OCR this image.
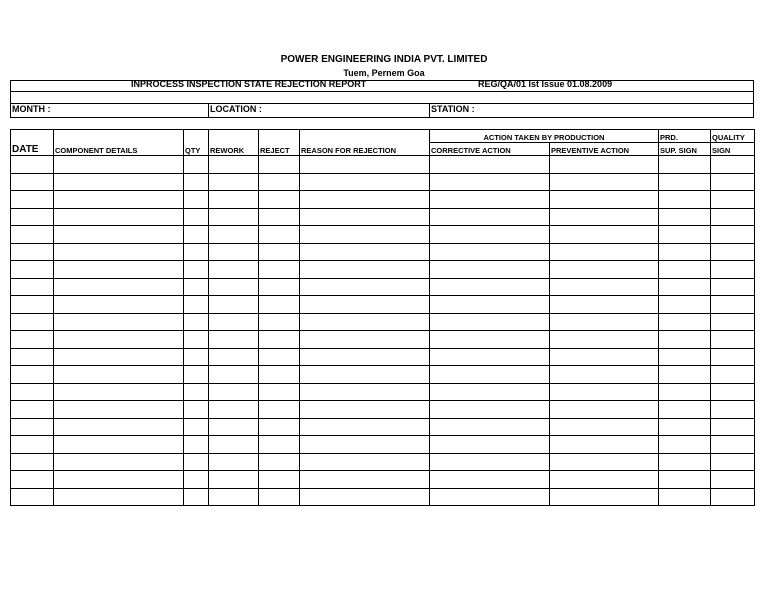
POWER ENGINEERING INDIA PVT. LIMITED
Tuem, Pernem Goa
INPROCESS INSPECTION STATE REJECTION REPORT	REG/QA/01 Ist Issue 01.08.2009
MONTH :	LOCATION :	STATION :
DATE	COMPONENT DETAILS	QTY	REWORK	REJECT	REASON FOR REJECTION	ACTION TAKEN BY PRODUCTION		PRD.	QUALITY
						CORRECTIVE ACTION	PREVENTIVE ACTION	SUP. SIGN	SIGN
